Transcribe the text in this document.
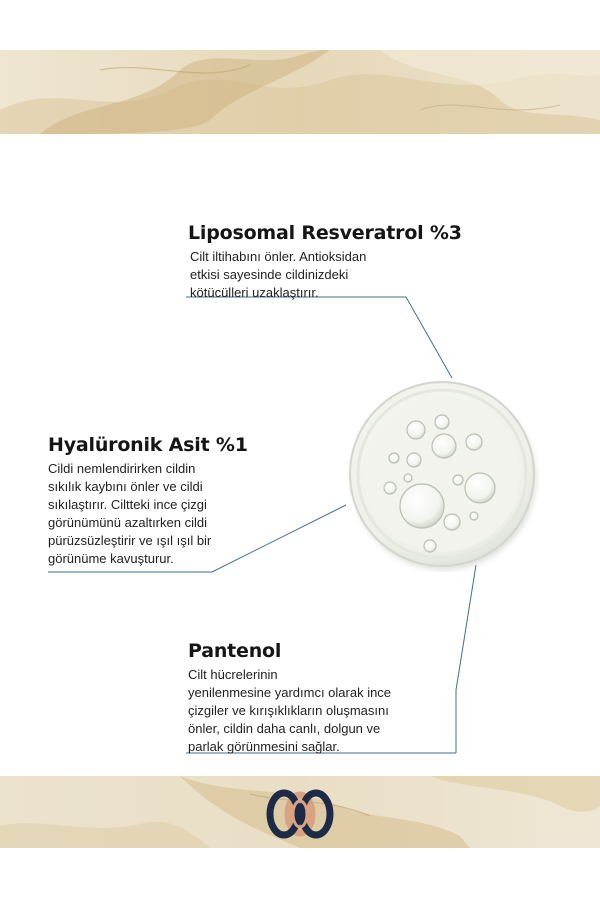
Liposomal Resveratrol %3

Cilt iltihabını önler. Antioksidan
etkisi sayesinde cildinizdeki
kötücülleri uzaklaştırır.

Hyalüronik Asit %1

Cildi nemlendirirken cildin
sıkılık kaybını önler ve cildi
sıkılaştırır. Ciltteki ince çizgi
görünümünü azaltırken cildi
pürüzsüzleştirir ve ışıl ışıl bir
görünüme kavuşturur.

Pantenol

Cilt hücrelerinin
yenilenmesine yardımcı olarak ince
çizgiler ve kırışıklıkların oluşmasını
önler, cildin daha canlı, dolgun ve
parlak görünmesini sağlar.
